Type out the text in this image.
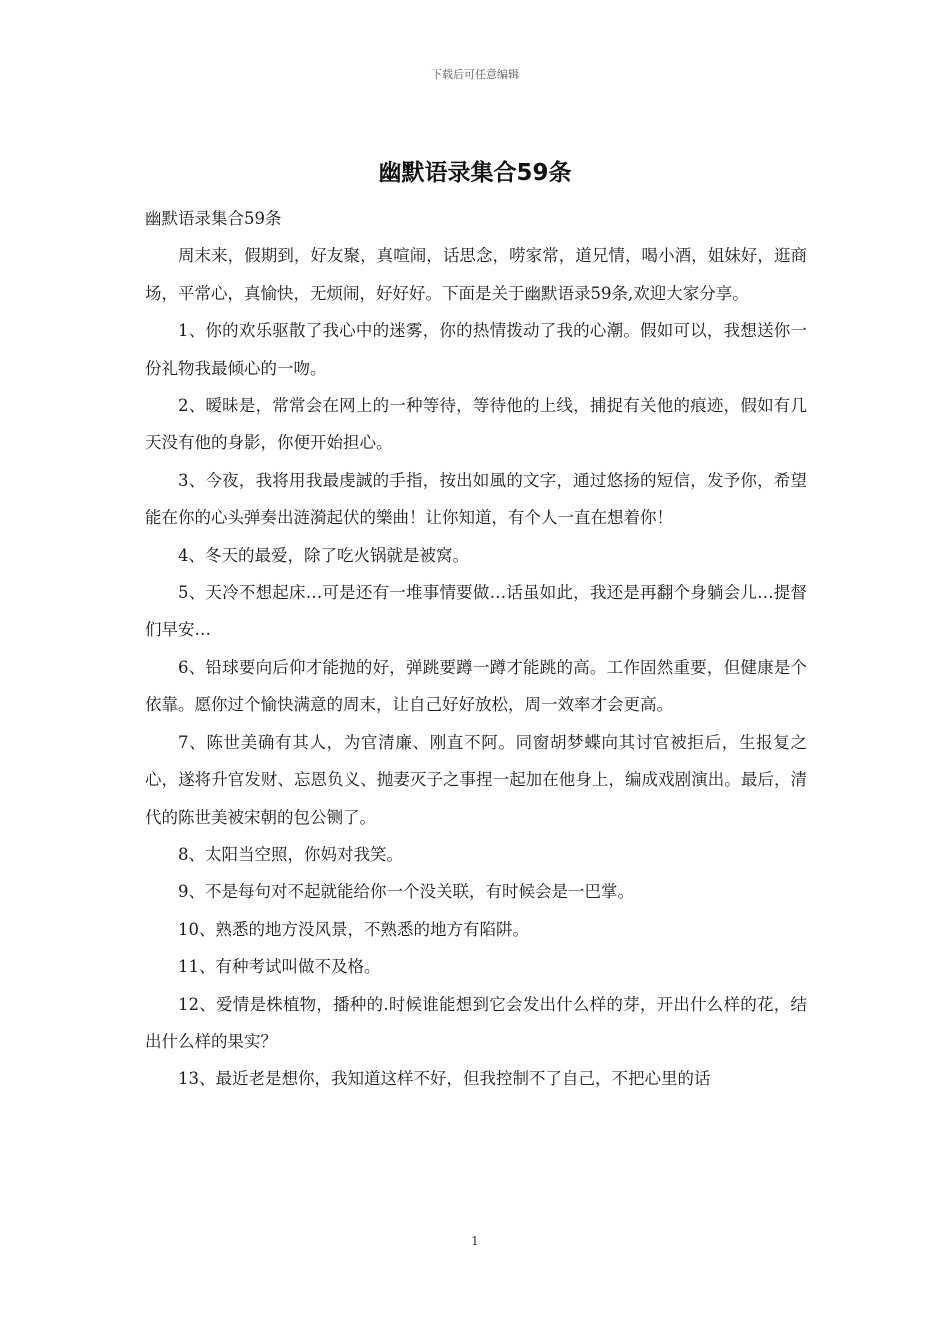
下载后可任意编辑
幽默语录集合59条

幽默语录集合59条

周末来，假期到，好友聚，真喧闹，话思念，唠家常，道兄情，喝小酒，姐妹好，逛商场，平常心，真愉快，无烦闹，好好好。下面是关于幽默语录59条,欢迎大家分享。

1、你的欢乐驱散了我心中的迷雾，你的热情拨动了我的心潮。假如可以，我想送你一份礼物我最倾心的一吻。

2、暧昧是，常常会在网上的一种等待，等待他的上线，捕捉有关他的痕迹，假如有几天没有他的身影，你便开始担心。

3、今夜，我将用我最虔誠的手指，按出如風的文字，通过悠扬的短信，发予你，希望能在你的心头弹奏出涟漪起伏的樂曲！让你知道，有个人一直在想着你！

4、冬天的最爱，除了吃火锅就是被窝。

5、天冷不想起床…可是还有一堆事情要做…话虽如此，我还是再翻个身躺会儿…提督们早安…

6、铅球要向后仰才能抛的好，弹跳要蹲一蹲才能跳的高。工作固然重要，但健康是个依靠。愿你过个愉快满意的周末，让自己好好放松，周一效率才会更高。

7、陈世美确有其人，为官清廉、刚直不阿。同窗胡梦蝶向其讨官被拒后，生报复之心，遂将升官发财、忘恩负义、抛妻灭子之事捏一起加在他身上，编成戏剧演出。最后，清代的陈世美被宋朝的包公铡了。

8、太阳当空照，你妈对我笑。

9、不是每句对不起就能给你一个没关联，有时候会是一巴掌。

10、熟悉的地方没风景，不熟悉的地方有陷阱。

11、有种考试叫做不及格。

12、爱情是株植物，播种的.时候谁能想到它会发出什么样的芽，开出什么样的花，结出什么样的果实？

13、最近老是想你，我知道这样不好，但我控制不了自己，不把心里的话

1
